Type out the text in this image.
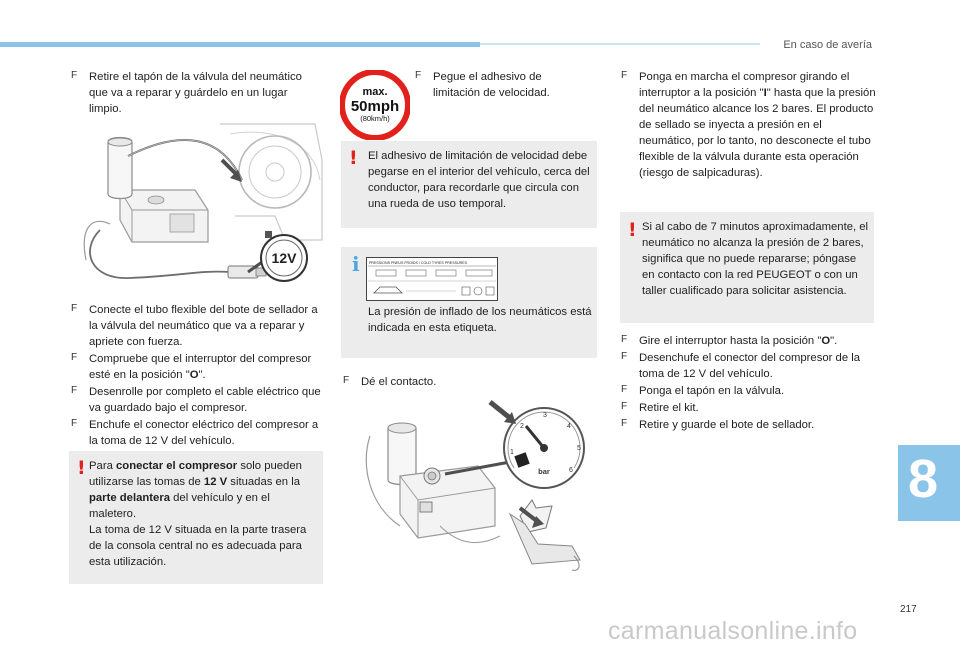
En caso de avería
F Retire el tapón de la válvula del neumático que va a reparar y guárdelo en un lugar limpio.
12V
F Conecte el tubo flexible del bote de sellador a la válvula del neumático que va a reparar y apriete con fuerza.
F Compruebe que el interruptor del compresor esté en la posición "O".
F Desenrolle por completo el cable eléctrico que va guardado bajo el compresor.
F Enchufe el conector eléctrico del compresor a la toma de 12 V del vehículo.
! Para conectar el compresor solo pueden utilizarse las tomas de 12 V situadas en la parte delantera del vehículo y en el maletero.
La toma de 12 V situada en la parte trasera de la consola central no es adecuada para esta utilización.
max.
50mph
(80km/h)
F Pegue el adhesivo de limitación de velocidad.
! El adhesivo de limitación de velocidad debe pegarse en el interior del vehículo, cerca del conductor, para recordarle que circula con una rueda de uso temporal.
i	PRESSIONS PNEUS FROIDS / COLD TYRES PRESSURES
La presión de inflado de los neumáticos está indicada en esta etiqueta.
F Dé el contacto.
1
2
3
4
5
6
bar
F Ponga en marcha el compresor girando el interruptor a la posición "I" hasta que la presión del neumático alcance los 2 bares. El producto de sellado se inyecta a presión en el neumático, por lo tanto, no desconecte el tubo flexible de la válvula durante esta operación (riesgo de salpicaduras).
! Si al cabo de 7 minutos aproximadamente, el neumático no alcanza la presión de 2 bares, significa que no puede repararse; póngase en contacto con la red PEUGEOT o con un taller cualificado para solicitar asistencia.
F Gire el interruptor hasta la posición "O".
F Desenchufe el conector del compresor de la toma de 12 V del vehículo.
F Ponga el tapón en la válvula.
F Retire el kit.
F Retire y guarde el bote de sellador.
8
217
carmanualsonline.info
